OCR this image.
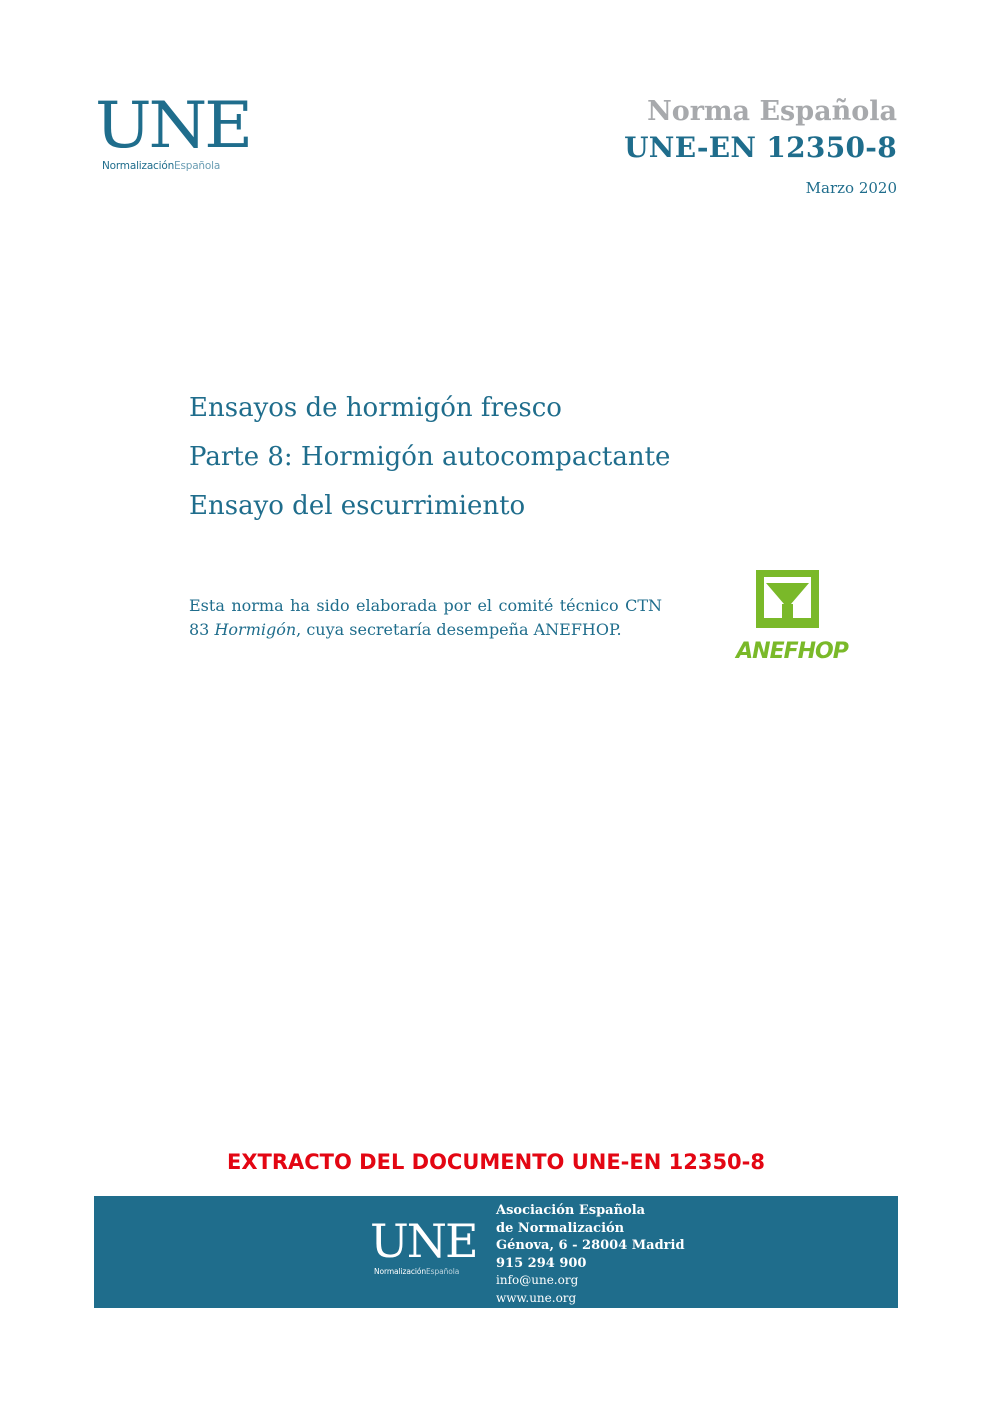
UNE
NormalizaciónEspañola
Norma Española
UNE-EN 12350-8
Marzo 2020
Ensayos de hormigón fresco
Parte 8: Hormigón autocompactante
Ensayo del escurrimiento
Esta norma ha sido elaborada por el comité técnico CTN 83 Hormigón, cuya secretaría desempeña ANEFHOP.
ANEFHOP
EXTRACTO DEL DOCUMENTO UNE-EN 12350-8
UNE
NormalizaciónEspañola
Asociación Española
de Normalización
Génova, 6 - 28004 Madrid
915 294 900
info@une.org
www.une.org
